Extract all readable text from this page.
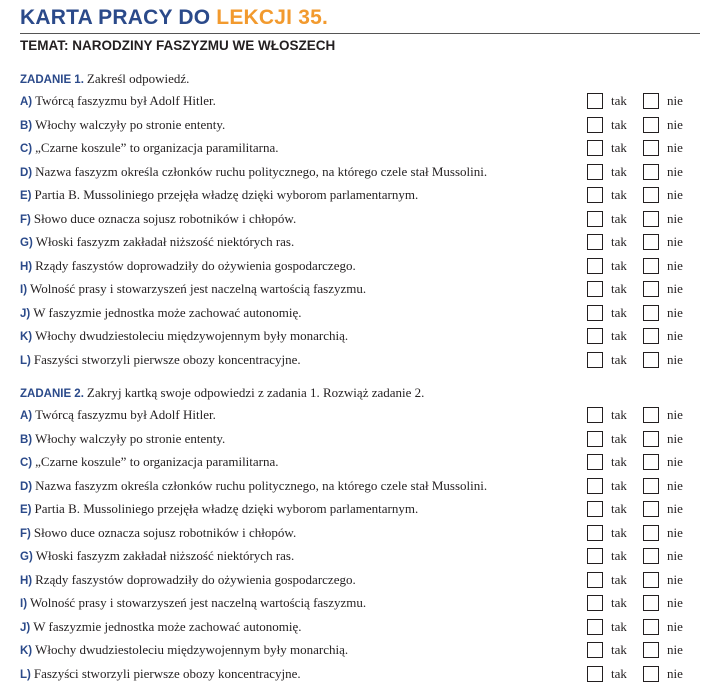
KARTA PRACY DO LEKCJI 35.
TEMAT: NARODZINY FASZYZMU WE WŁOSZECH
ZADANIE 1. Zakreśl odpowiedź.
A) Twórcą faszyzmu był Adolf Hitler.	tak	nie
B) Włochy walczyły po stronie ententy.	tak	nie
C) „Czarne koszule” to organizacja paramilitarna.	tak	nie
D) Nazwa faszyzm określa członków ruchu politycznego, na którego czele stał Mussolini.	tak	nie
E) Partia B. Mussoliniego przejęła władzę dzięki wyborom parlamentarnym.	tak	nie
F) Słowo duce oznacza sojusz robotników i chłopów.	tak	nie
G) Włoski faszyzm zakładał niższość niektórych ras.	tak	nie
H) Rządy faszystów doprowadziły do ożywienia gospodarczego.	tak	nie
I) Wolność prasy i stowarzyszeń jest naczelną wartością faszyzmu.	tak	nie
J) W faszyzmie jednostka może zachować autonomię.	tak	nie
K) Włochy dwudziestoleciu międzywojennym były monarchią.	tak	nie
L) Faszyści stworzyli pierwsze obozy koncentracyjne.	tak	nie
ZADANIE 2. Zakryj kartką swoje odpowiedzi z zadania 1. Rozwiąż zadanie 2.
A) Twórcą faszyzmu był Adolf Hitler.	tak	nie
B) Włochy walczyły po stronie ententy.	tak	nie
C) „Czarne koszule” to organizacja paramilitarna.	tak	nie
D) Nazwa faszyzm określa członków ruchu politycznego, na którego czele stał Mussolini.	tak	nie
E) Partia B. Mussoliniego przejęła władzę dzięki wyborom parlamentarnym.	tak	nie
F) Słowo duce oznacza sojusz robotników i chłopów.	tak	nie
G) Włoski faszyzm zakładał niższość niektórych ras.	tak	nie
H) Rządy faszystów doprowadziły do ożywienia gospodarczego.	tak	nie
I) Wolność prasy i stowarzyszeń jest naczelną wartością faszyzmu.	tak	nie
J) W faszyzmie jednostka może zachować autonomię.	tak	nie
K) Włochy dwudziestoleciu międzywojennym były monarchią.	tak	nie
L) Faszyści stworzyli pierwsze obozy koncentracyjne.	tak	nie
